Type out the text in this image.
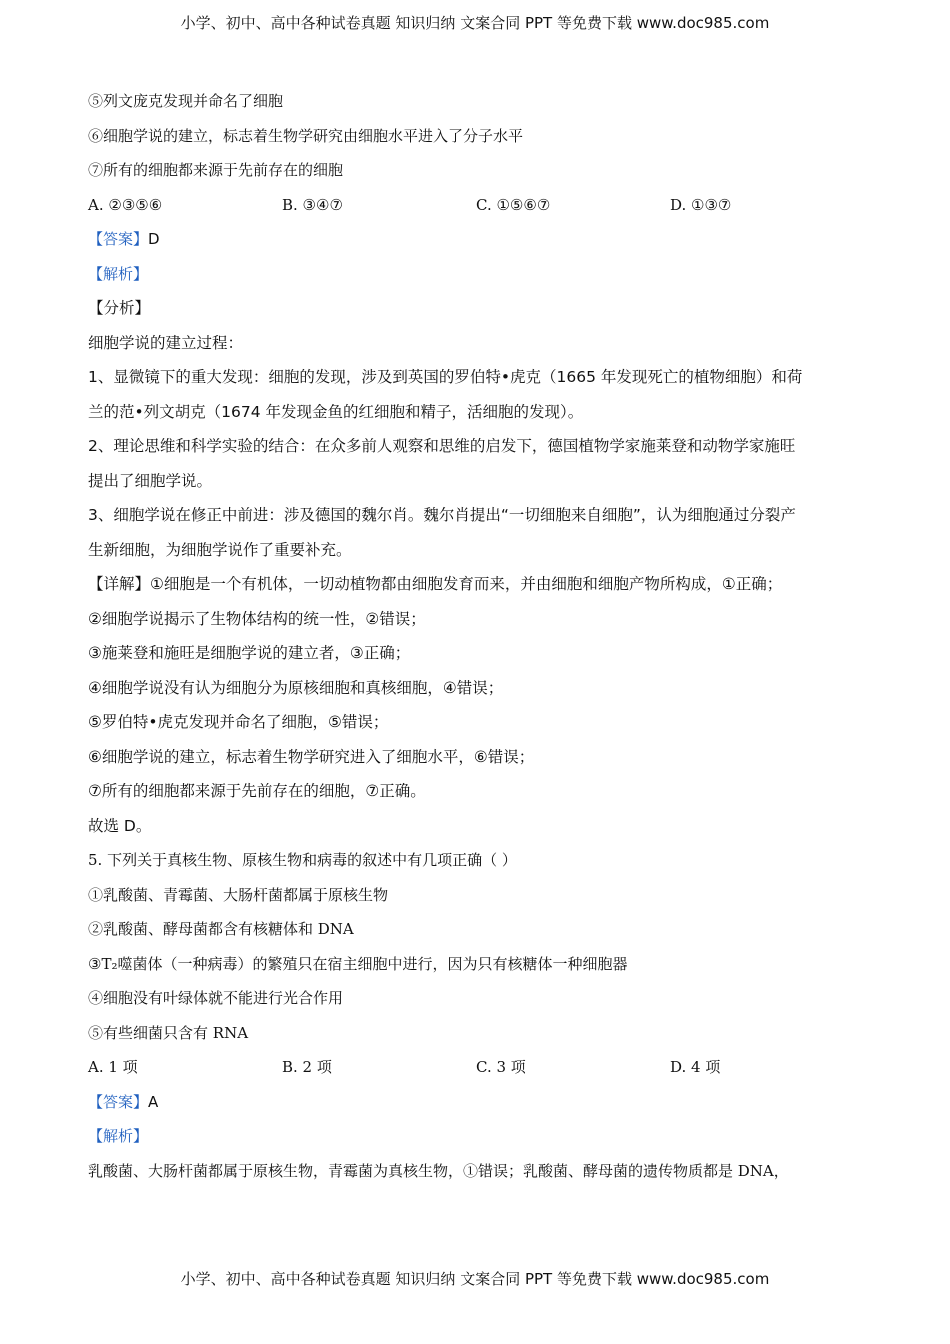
小学、初中、高中各种试卷真题 知识归纳 文案合同 PPT 等免费下载 www.doc985.com
⑤列文庞克发现并命名了细胞
⑥细胞学说的建立，标志着生物学研究由细胞水平进入了分子水平
⑦所有的细胞都来源于先前存在的细胞
A. ②③⑤⑥	B. ③④⑦	C. ①⑤⑥⑦	D. ①③⑦
【答案】D
【解析】
【分析】
细胞学说的建立过程：
1、显微镜下的重大发现：细胞的发现，涉及到英国的罗伯特•虎克（1665 年发现死亡的植物细胞）和荷
兰的范•列文胡克（1674 年发现金鱼的红细胞和精子，活细胞的发现）。
2、理论思维和科学实验的结合：在众多前人观察和思维的启发下，德国植物学家施莱登和动物学家施旺
提出了细胞学说。
3、细胞学说在修正中前进：涉及德国的魏尔肖。魏尔肖提出“一切细胞来自细胞”，认为细胞通过分裂产
生新细胞，为细胞学说作了重要补充。
【详解】①细胞是一个有机体，一切动植物都由细胞发育而来，并由细胞和细胞产物所构成，①正确；
②细胞学说揭示了生物体结构的统一性，②错误；
③施莱登和施旺是细胞学说的建立者，③正确；
④细胞学说没有认为细胞分为原核细胞和真核细胞，④错误；
⑤罗伯特•虎克发现并命名了细胞，⑤错误；
⑥细胞学说的建立，标志着生物学研究进入了细胞水平，⑥错误；
⑦所有的细胞都来源于先前存在的细胞，⑦正确。
故选 D。
5. 下列关于真核生物、原核生物和病毒的叙述中有几项正确（ ）
①乳酸菌、青霉菌、大肠杆菌都属于原核生物
②乳酸菌、酵母菌都含有核糖体和 DNA
③T₂噬菌体（一种病毒）的繁殖只在宿主细胞中进行，因为只有核糖体一种细胞器
④细胞没有叶绿体就不能进行光合作用
⑤有些细菌只含有 RNA
A. 1 项	B. 2 项	C. 3 项	D. 4 项
【答案】A
【解析】
乳酸菌、大肠杆菌都属于原核生物，青霉菌为真核生物，①错误；乳酸菌、酵母菌的遗传物质都是 DNA，
小学、初中、高中各种试卷真题 知识归纳 文案合同 PPT 等免费下载 www.doc985.com
